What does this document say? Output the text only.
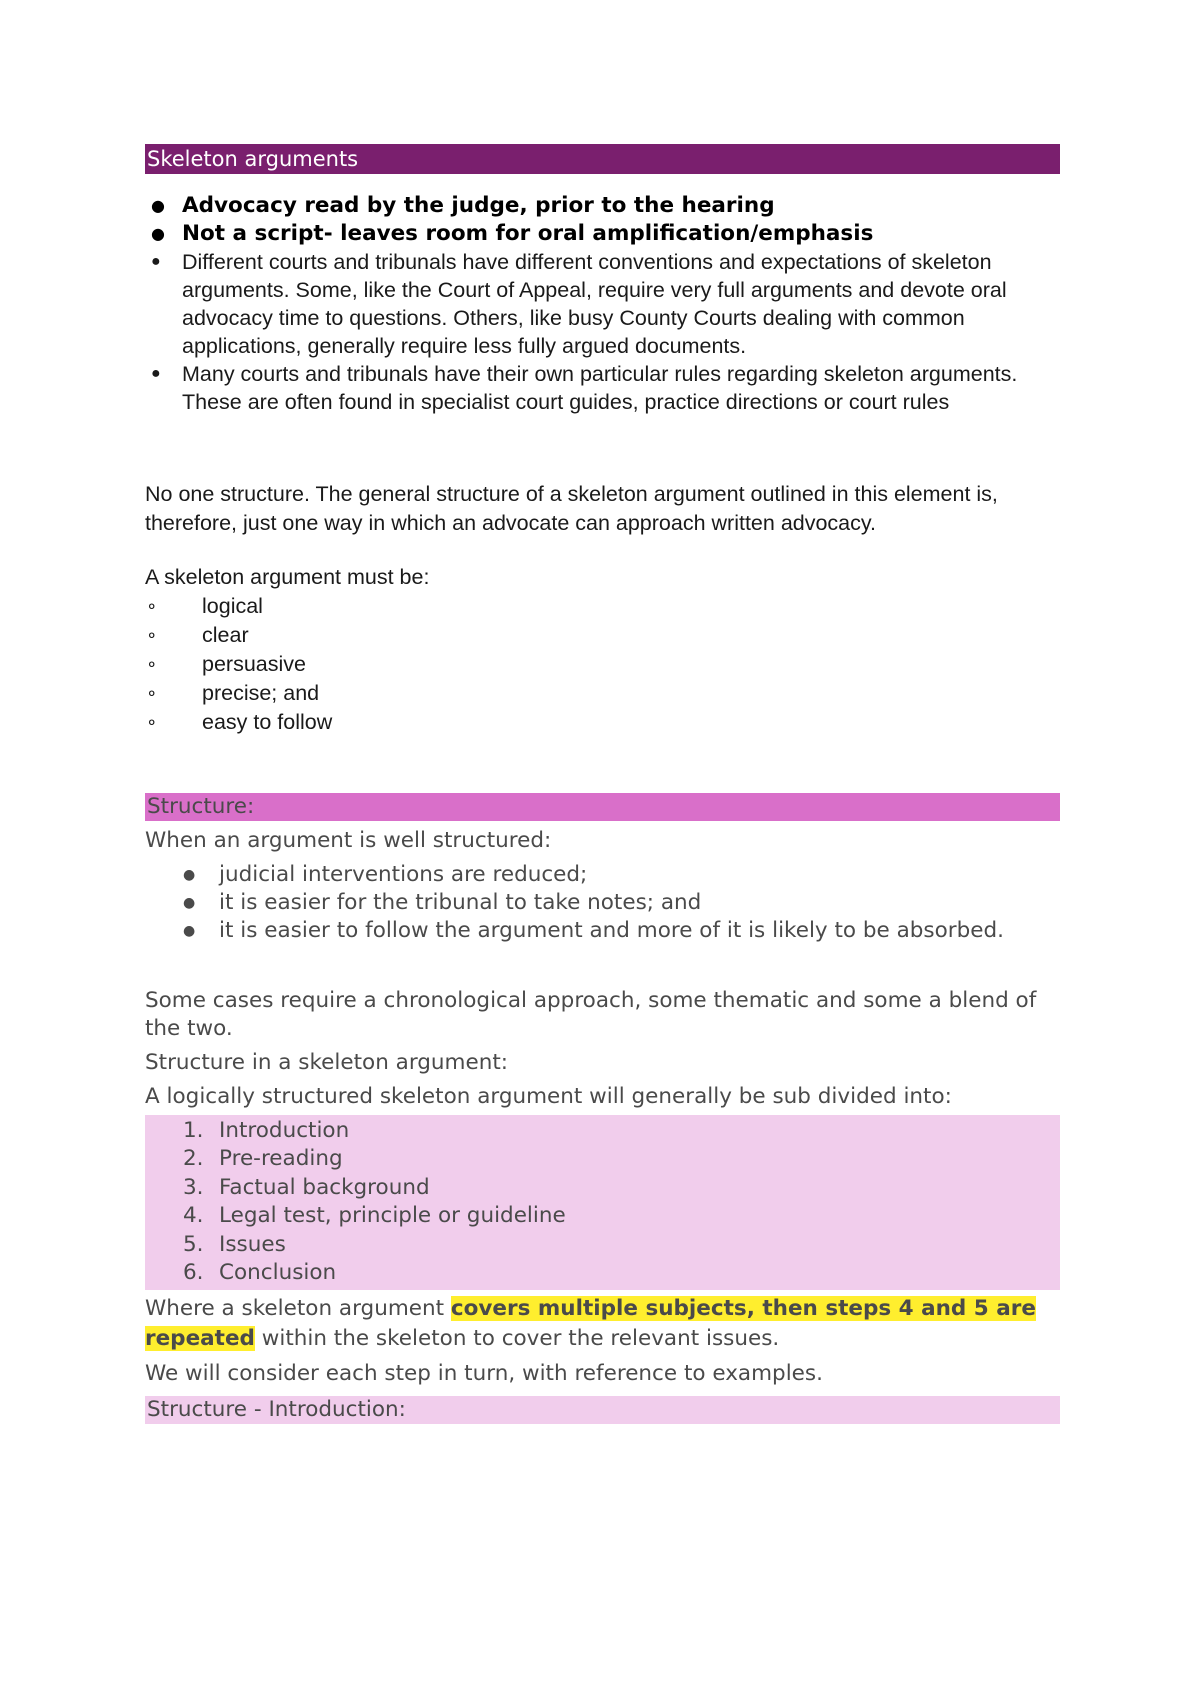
Skeleton arguments
● Advocacy read by the judge, prior to the hearing
● Not a script- leaves room for oral amplification/emphasis
● Different courts and tribunals have different conventions and expectations of skeleton arguments. Some, like the Court of Appeal, require very full arguments and devote oral advocacy time to questions. Others, like busy County Courts dealing with common applications, generally require less fully argued documents.
● Many courts and tribunals have their own particular rules regarding skeleton arguments. These are often found in specialist court guides, practice directions or court rules

No one structure. The general structure of a skeleton argument outlined in this element is, therefore, just one way in which an advocate can approach written advocacy.

A skeleton argument must be:

⚬ logical
⚬ clear
⚬ persuasive
⚬ precise; and
⚬ easy to follow
Structure:

When an argument is well structured:

● judicial interventions are reduced;
● it is easier for the tribunal to take notes; and
● it is easier to follow the argument and more of it is likely to be absorbed.

Some cases require a chronological approach, some thematic and some a blend of the two.

Structure in a skeleton argument:

A logically structured skeleton argument will generally be sub divided into:

1. Introduction
2. Pre-reading
3. Factual background
4. Legal test, principle or guideline
5. Issues
6. Conclusion

Where a skeleton argument covers multiple subjects, then steps 4 and 5 are repeated within the skeleton to cover the relevant issues.

We will consider each step in turn, with reference to examples.

Structure - Introduction:
